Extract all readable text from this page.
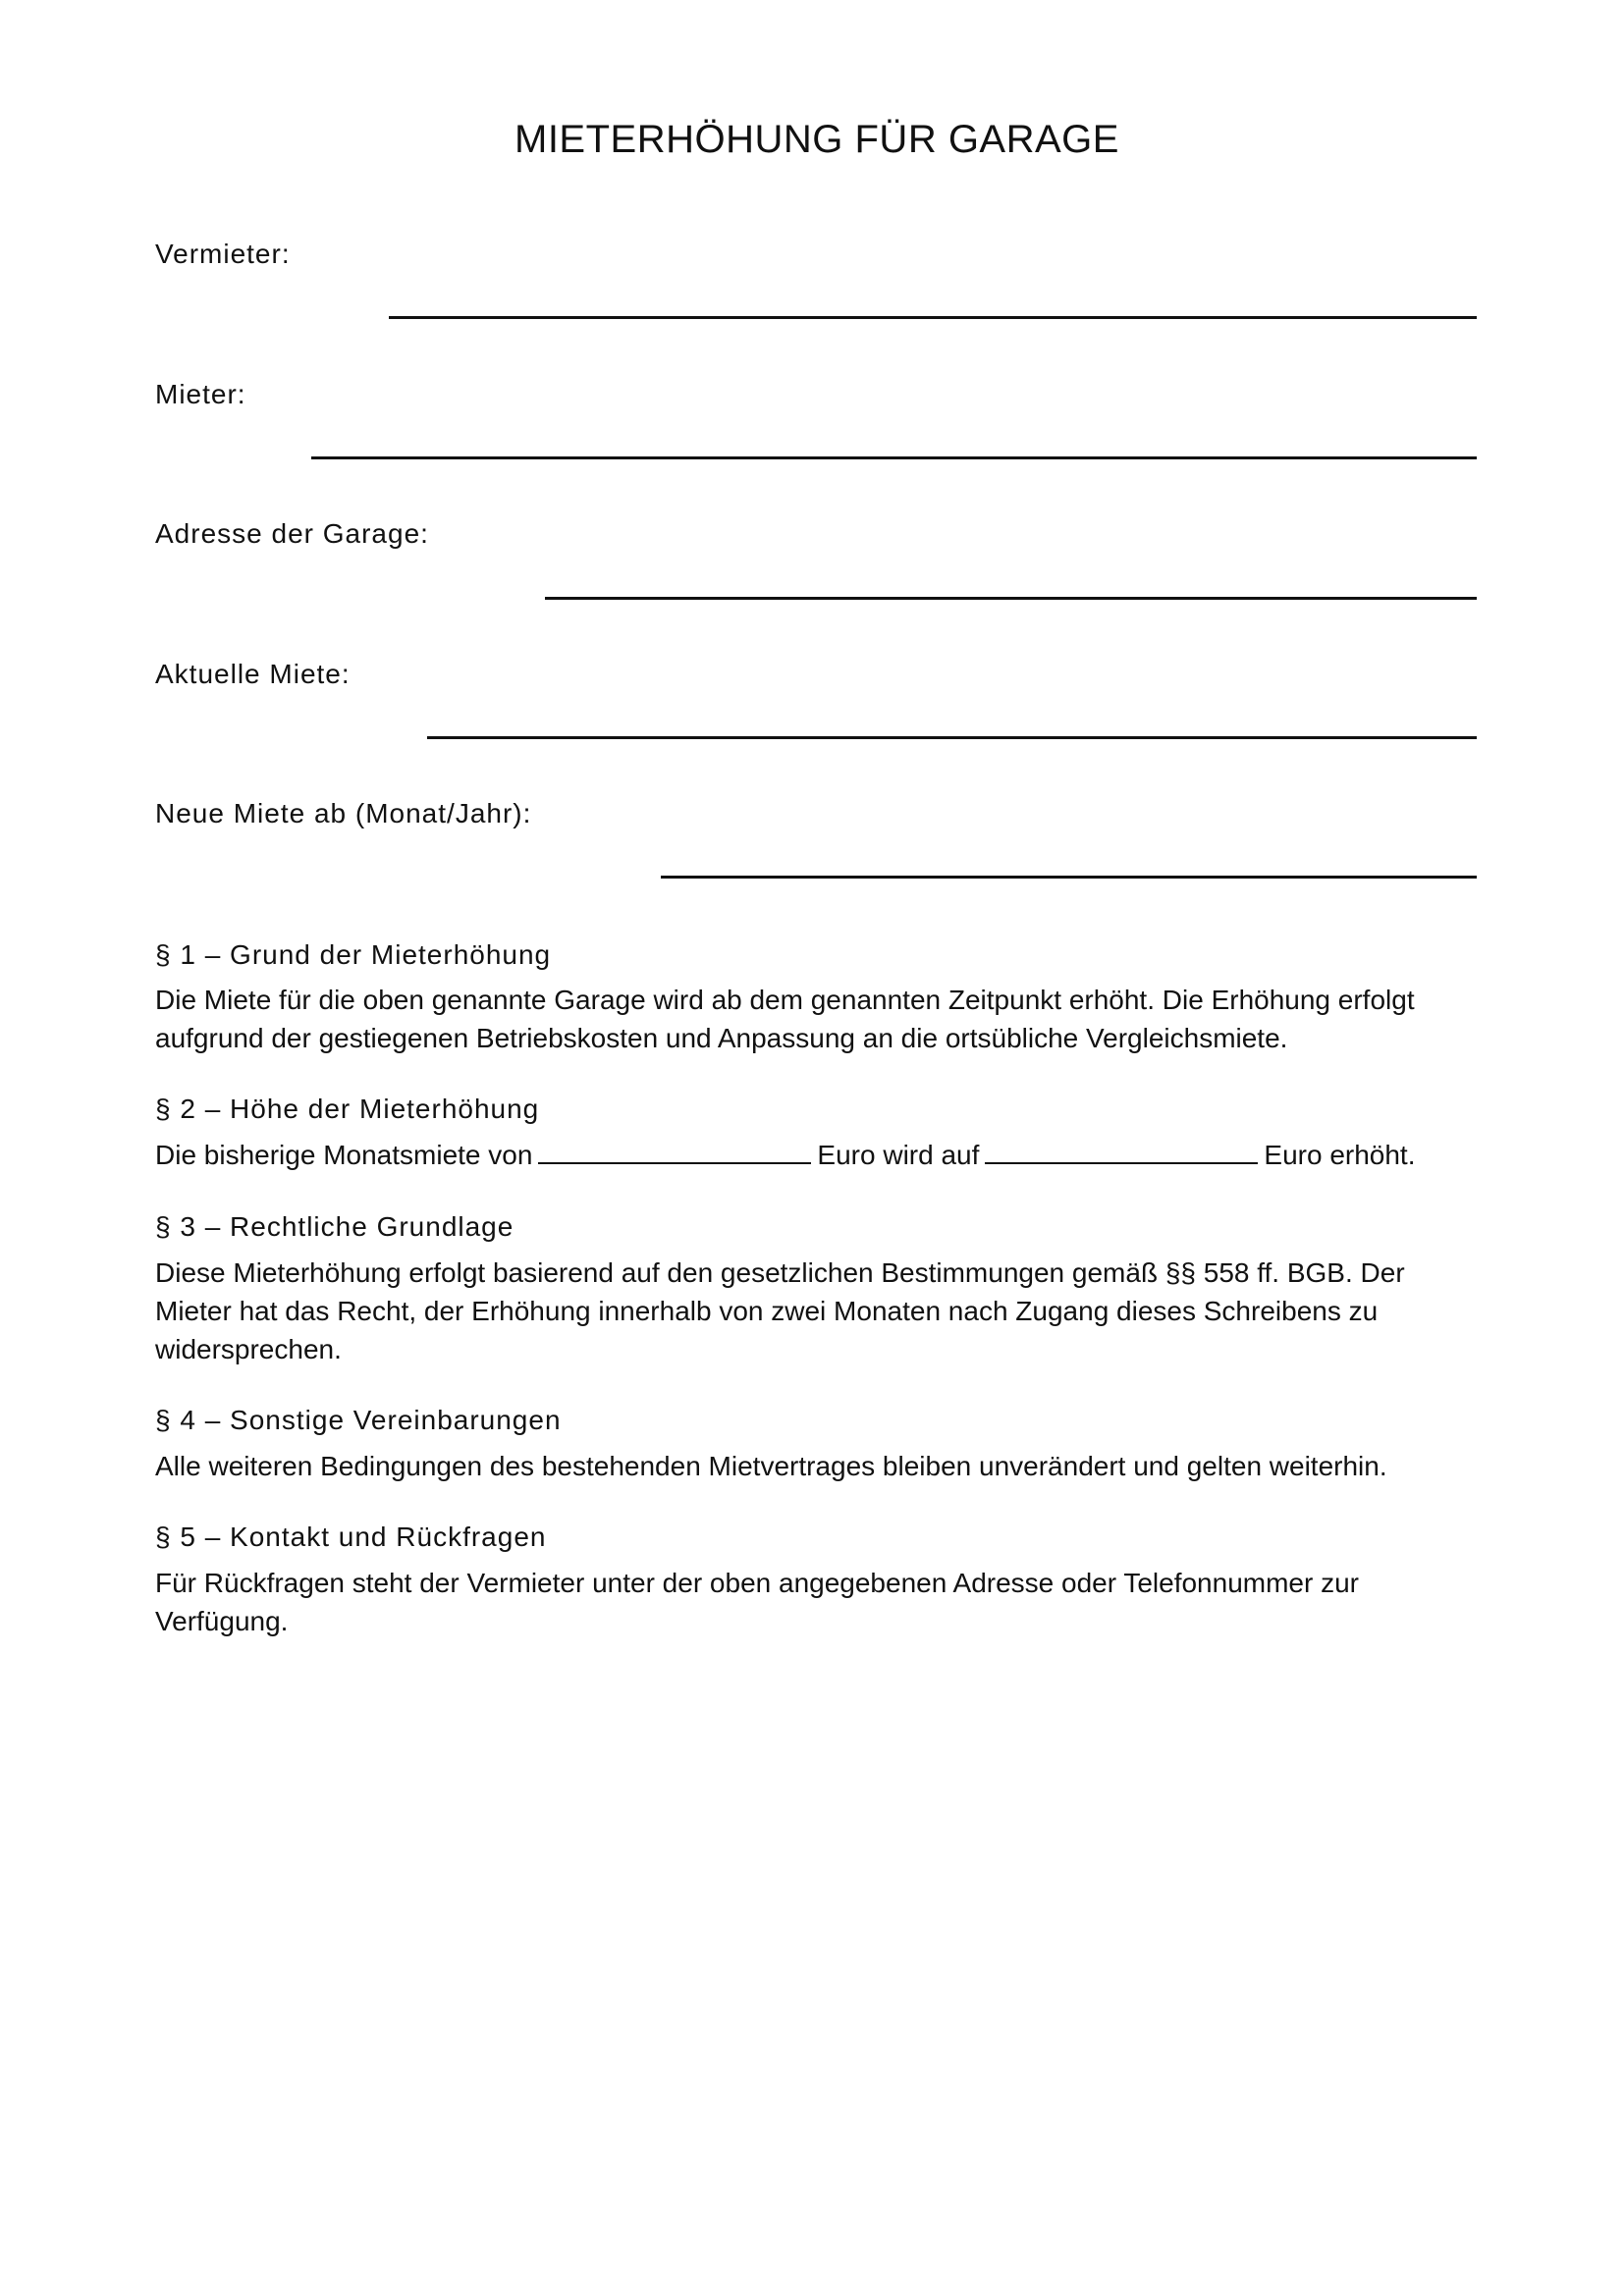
MIETERHÖHUNG FÜR GARAGE
Vermieter:
Mieter:
Adresse der Garage:
Aktuelle Miete:
Neue Miete ab (Monat/Jahr):
§ 1 – Grund der Mieterhöhung

Die Miete für die oben genannte Garage wird ab dem genannten Zeitpunkt erhöht. Die Erhöhung erfolgt aufgrund der gestiegenen Betriebskosten und Anpassung an die ortsübliche Vergleichsmiete.

§ 2 – Höhe der Mieterhöhung

Die bisherige Monatsmiete von	Euro wird auf	Euro erhöht.

§ 3 – Rechtliche Grundlage

Diese Mieterhöhung erfolgt basierend auf den gesetzlichen Bestimmungen gemäß §§ 558 ff. BGB. Der Mieter hat das Recht, der Erhöhung innerhalb von zwei Monaten nach Zugang dieses Schreibens zu widersprechen.

§ 4 – Sonstige Vereinbarungen

Alle weiteren Bedingungen des bestehenden Mietvertrages bleiben unverändert und gelten weiterhin.

§ 5 – Kontakt und Rückfragen

Für Rückfragen steht der Vermieter unter der oben angegebenen Adresse oder Telefonnummer zur Verfügung.
